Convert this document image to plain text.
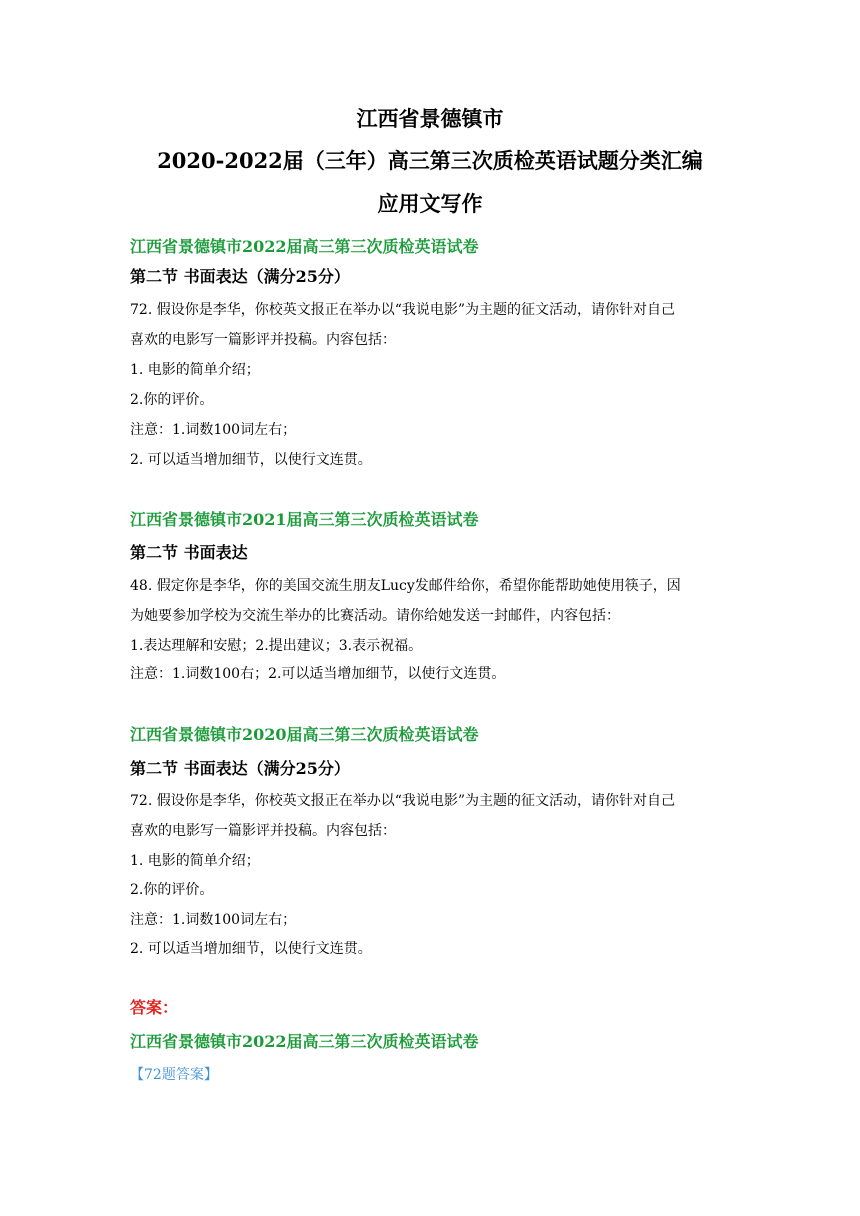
江西省景德镇市
2020-2022届（三年）高三第三次质检英语试题分类汇编
应用文写作
江西省景德镇市2022届高三第三次质检英语试卷
第二节 书面表达（满分25分）
72. 假设你是李华，你校英文报正在举办以“我说电影”为主题的征文活动，请你针对自己
喜欢的电影写一篇影评并投稿。内容包括：
1. 电影的简单介绍；
2.你的评价。
注意：1.词数100词左右；
2. 可以适当增加细节，以使行文连贯。
江西省景德镇市2021届高三第三次质检英语试卷
第二节 书面表达
48. 假定你是李华，你的美国交流生朋友Lucy发邮件给你，希望你能帮助她使用筷子，因
为她要参加学校为交流生举办的比赛活动。请你给她发送一封邮件，内容包括：
1.表达理解和安慰；2.提出建议；3.表示祝福。
注意：1.词数100右；2.可以适当增加细节，以使行文连贯。
江西省景德镇市2020届高三第三次质检英语试卷
第二节 书面表达（满分25分）
72. 假设你是李华，你校英文报正在举办以“我说电影”为主题的征文活动，请你针对自己
喜欢的电影写一篇影评并投稿。内容包括：
1. 电影的简单介绍；
2.你的评价。
注意：1.词数100词左右；
2. 可以适当增加细节，以使行文连贯。
答案：
江西省景德镇市2022届高三第三次质检英语试卷
【72题答案】
